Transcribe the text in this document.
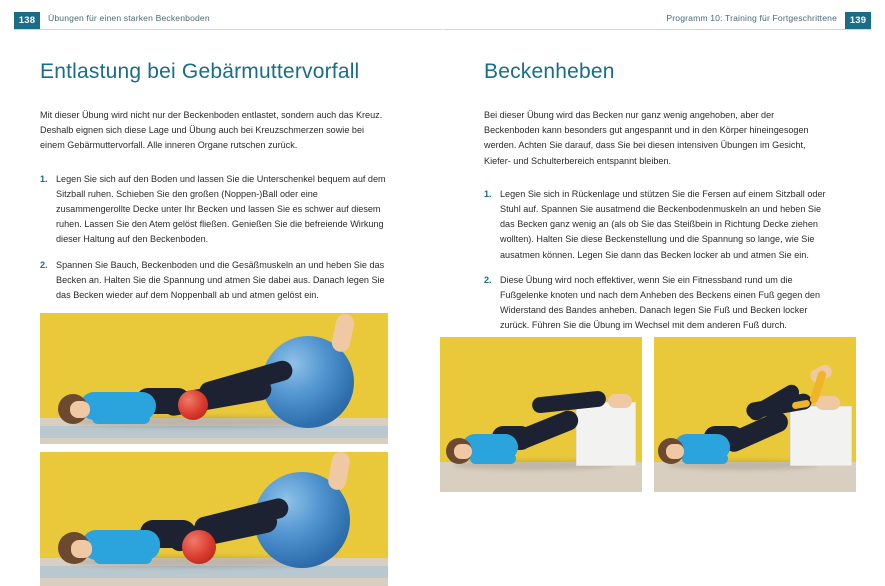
138	Übungen für einen starken Beckenboden	139
Programm 10: Training für Fortgeschrittene
Entlastung bei Gebärmuttervorfall

Mit dieser Übung wird nicht nur der Beckenboden entlastet, sondern auch das Kreuz. Deshalb eignen sich diese Lage und Übung auch bei Kreuzschmerzen sowie bei einem Gebärmuttervorfall. Alle inneren Organe rutschen zurück.

1. Legen Sie sich auf den Boden und lassen Sie die Unterschenkel bequem auf dem Sitzball ruhen. Schieben Sie den großen (Noppen-)Ball oder eine zusammengerollte Decke unter Ihr Becken und lassen Sie es schwer auf diesem ruhen. Lassen Sie den Atem gelöst fließen. Genießen Sie die befreiende Wirkung dieser Haltung auf den Beckenboden.
2. Spannen Sie Bauch, Beckenboden und die Gesäßmuskeln an und heben Sie das Becken an. Halten Sie die Spannung und atmen Sie dabei aus. Danach legen Sie das Becken wieder auf dem Noppenball ab und atmen gelöst ein.
Beckenheben

Bei dieser Übung wird das Becken nur ganz wenig angehoben, aber der Beckenboden kann besonders gut angespannt und in den Körper hineingesogen werden. Achten Sie darauf, dass Sie bei diesen intensiven Übungen im Gesicht, Kiefer- und Schulterbereich entspannt bleiben.

1. Legen Sie sich in Rückenlage und stützen Sie die Fersen auf einem Sitzball oder Stuhl auf. Spannen Sie ausatmend die Beckenbodenmuskeln an und heben Sie das Becken ganz wenig an (als ob Sie das Steißbein in Richtung Decke ziehen wollten). Halten Sie diese Beckenstellung und die Spannung so lange, wie Sie ausatmen können. Legen Sie dann das Becken locker ab und atmen Sie ein.
2. Diese Übung wird noch effektiver, wenn Sie ein Fitnessband rund um die Fußgelenke knoten und nach dem Anheben des Beckens einen Fuß gegen den Widerstand des Bandes anheben. Danach legen Sie Fuß und Becken locker zurück. Führen Sie die Übung im Wechsel mit dem anderen Fuß durch.
